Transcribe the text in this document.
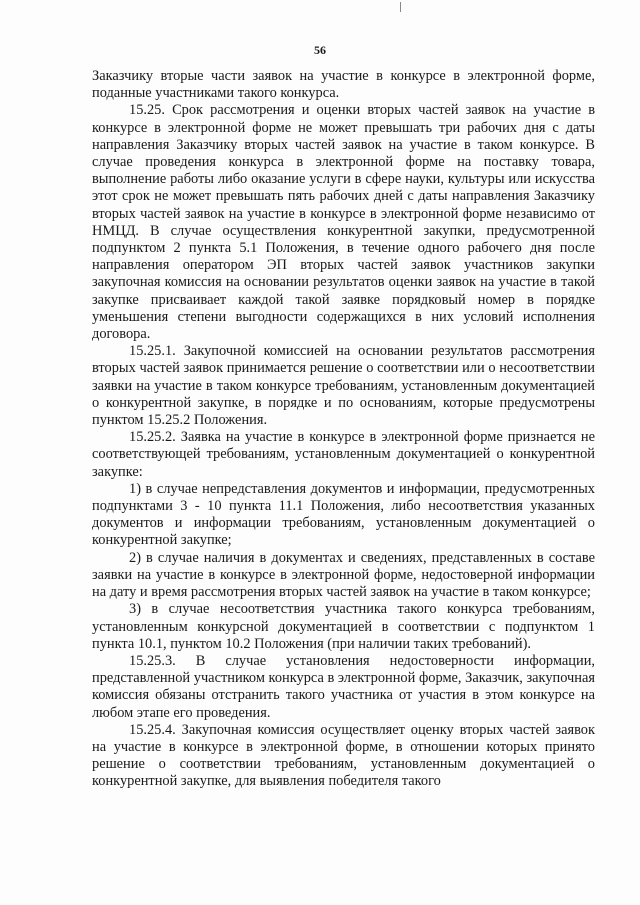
56

Заказчику вторые части заявок на участие в конкурсе в электронной форме, поданные участниками такого конкурса.

15.25. Срок рассмотрения и оценки вторых частей заявок на участие в конкурсе в электронной форме не может превышать три рабочих дня с даты направления Заказчику вторых частей заявок на участие в таком конкурсе. В случае проведения конкурса в электронной форме на поставку товара, выполнение работы либо оказание услуги в сфере науки, культуры или искусства этот срок не может превышать пять рабочих дней с даты направления Заказчику вторых частей заявок на участие в конкурсе в электронной форме независимо от НМЦД. В случае осуществления конкурентной закупки, предусмотренной подпунктом 2 пункта 5.1 Положения, в течение одного рабочего дня после направления оператором ЭП вторых частей заявок участников закупки закупочная комиссия на основании результатов оценки заявок на участие в такой закупке присваивает каждой такой заявке порядковый номер в порядке уменьшения степени выгодности содержащихся в них условий исполнения договора.

15.25.1. Закупочной комиссией на основании результатов рассмотрения вторых частей заявок принимается решение о соответствии или о несоответствии заявки на участие в таком конкурсе требованиям, установленным документацией о конкурентной закупке, в порядке и по основаниям, которые предусмотрены пунктом 15.25.2 Положения.

15.25.2. Заявка на участие в конкурсе в электронной форме признается не соответствующей требованиям, установленным документацией о конкурентной закупке:

1) в случае непредставления документов и информации, предусмотренных подпунктами 3 - 10 пункта 11.1 Положения, либо несоответствия указанных документов и информации требованиям, установленным документацией о конкурентной закупке;

2) в случае наличия в документах и сведениях, представленных в составе заявки на участие в конкурсе в электронной форме, недостоверной информации на дату и время рассмотрения вторых частей заявок на участие в таком конкурсе;

3) в случае несоответствия участника такого конкурса требованиям, установленным конкурсной документацией в соответствии с подпунктом 1 пункта 10.1, пунктом 10.2 Положения (при наличии таких требований).

15.25.3. В случае установления недостоверности информации, представленной участником конкурса в электронной форме, Заказчик, закупочная комиссия обязаны отстранить такого участника от участия в этом конкурсе на любом этапе его проведения.

15.25.4. Закупочная комиссия осуществляет оценку вторых частей заявок на участие в конкурсе в электронной форме, в отношении которых принято решение о соответствии требованиям, установленным документацией о конкурентной закупке, для выявления победителя такого
